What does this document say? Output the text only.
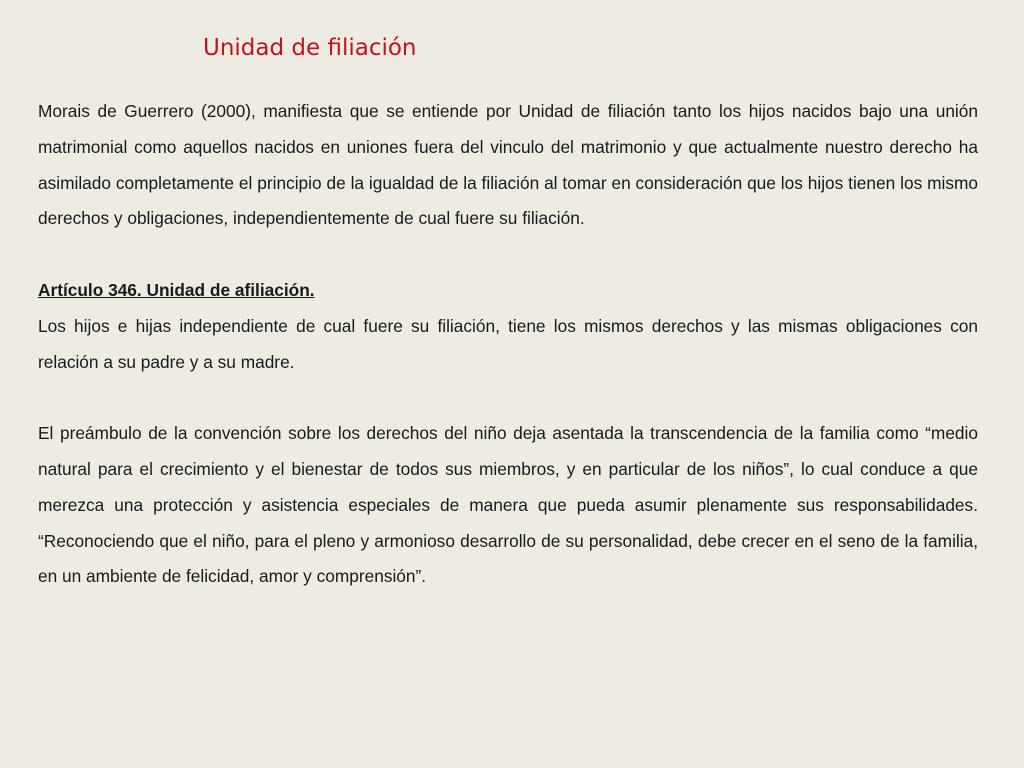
Unidad de filiación

Morais de Guerrero (2000), manifiesta que se entiende por Unidad de filiación tanto los hijos nacidos bajo una unión matrimonial como aquellos nacidos en uniones fuera del vinculo del matrimonio y que actualmente nuestro derecho ha asimilado completamente el principio de la igualdad de la filiación al tomar en consideración que los hijos tienen los mismo derechos y obligaciones, independientemente de cual fuere su filiación.

Artículo 346. Unidad de afiliación.

Los hijos e hijas independiente de cual fuere su filiación, tiene los mismos derechos y las mismas obligaciones con relación a su padre y a su madre.

El preámbulo de la convención sobre los derechos del niño deja asentada la transcendencia de la familia como “medio natural para el crecimiento y el bienestar de todos sus miembros, y en particular de los niños”, lo cual conduce a que merezca una protección y asistencia especiales de manera que pueda asumir plenamente sus responsabilidades. “Reconociendo que el niño, para el pleno y armonioso desarrollo de su personalidad, debe crecer en el seno de la familia, en un ambiente de felicidad, amor y comprensión”.
